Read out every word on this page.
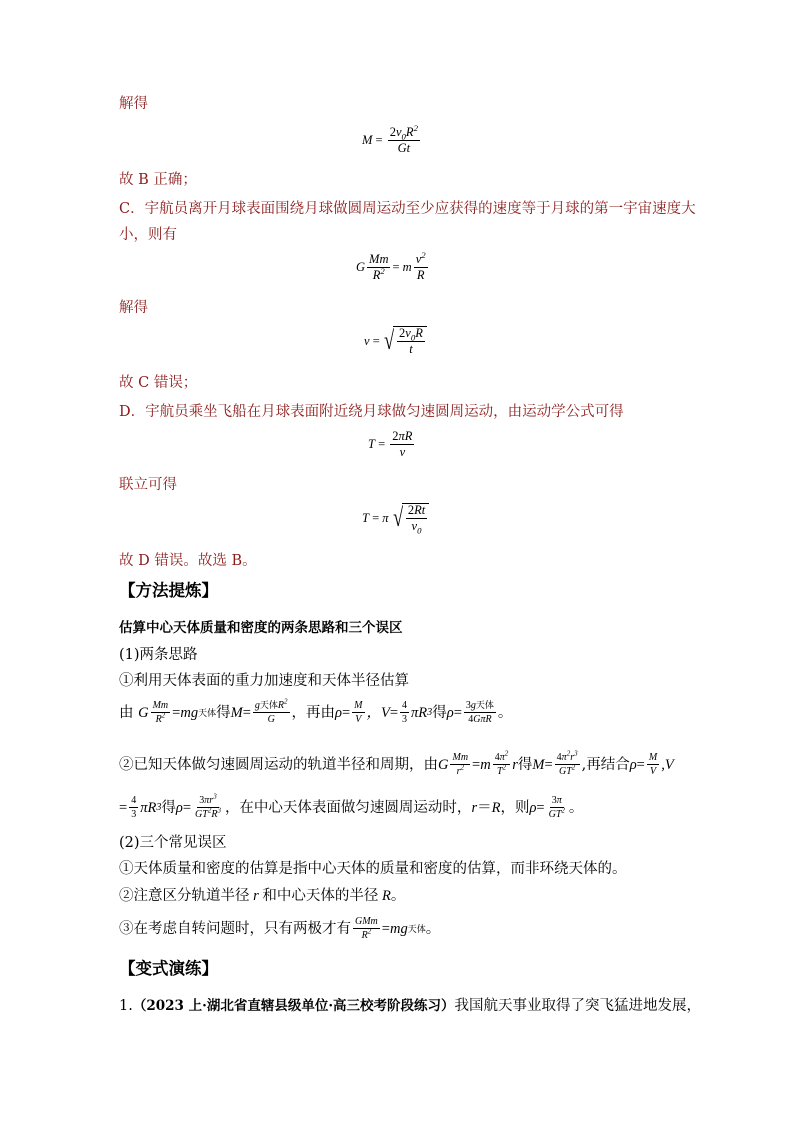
解得
M
=
$\frac{2v_0R^2}{Gt}$
故 B 正确；
C．宇航员离开月球表面围绕月球做圆周运动至少应获得的速度等于月球的第一宇宙速度大
小，则有
G $\frac{Mm}{R^2}$ =
m $\frac{v^2}{R}$
解得
v
= √ $\frac{2v_0R}{t}$
故 C 错误；
D．宇航员乘坐飞船在月球表面附近绕月球做匀速圆周运动，由运动学公式可得
T
=
$\frac{2\pi R}{v}$
联立可得
T
=
π √ $\frac{2Rt}{v_0}$
故 D 错误。故选 B。
【方法提炼】
估算中心天体质量和密度的两条思路和三个误区
(1)两条思路
①利用天体表面的重力加速度和天体半径估算
由
G $\frac{Mm}{R^2}$ = mg 天体 得 $M = \frac{g天体R^2}{G}$ ，再由 $\rho = \frac{M}{V}$ ，$V = \frac{4}{3}$ πR 3 得 $\rho = \frac{\text{3g天体}}{\text{4GπR}}$ 。
②已知天体做匀速圆周运动的轨道半径和周期，由 G $\frac{Mm}{r^2} = m \frac{4\pi^2}{T^2}$ r 得 $M = \frac{4\pi^2r^3}{GT^2}$ ,再结合 $\rho = \frac{M}{V} ,V$
= $\frac{4}{3}$ πR 3 得 $\rho = \frac{3\pi r^3}{GT^2R^3}$ ，在中心天体表面做匀速圆周运动时， r＝R ，则 $\rho = \frac{3\pi}{GT^2}$ 。
(2)三个常见误区
①天体质量和密度的估算是指中心天体的质量和密度的估算，而非环绕天体的。
②注意区分轨道半径 r 和中心天体的半径 R。
③在考虑自转问题时，只有两极才有 $\frac{\text{GMm}}{R^2}$ = mg 天体 。
【变式演练】
1.（2023 上·湖北省直辖县级单位·高三校考阶段练习）我国航天事业取得了突飞猛进地发展，
